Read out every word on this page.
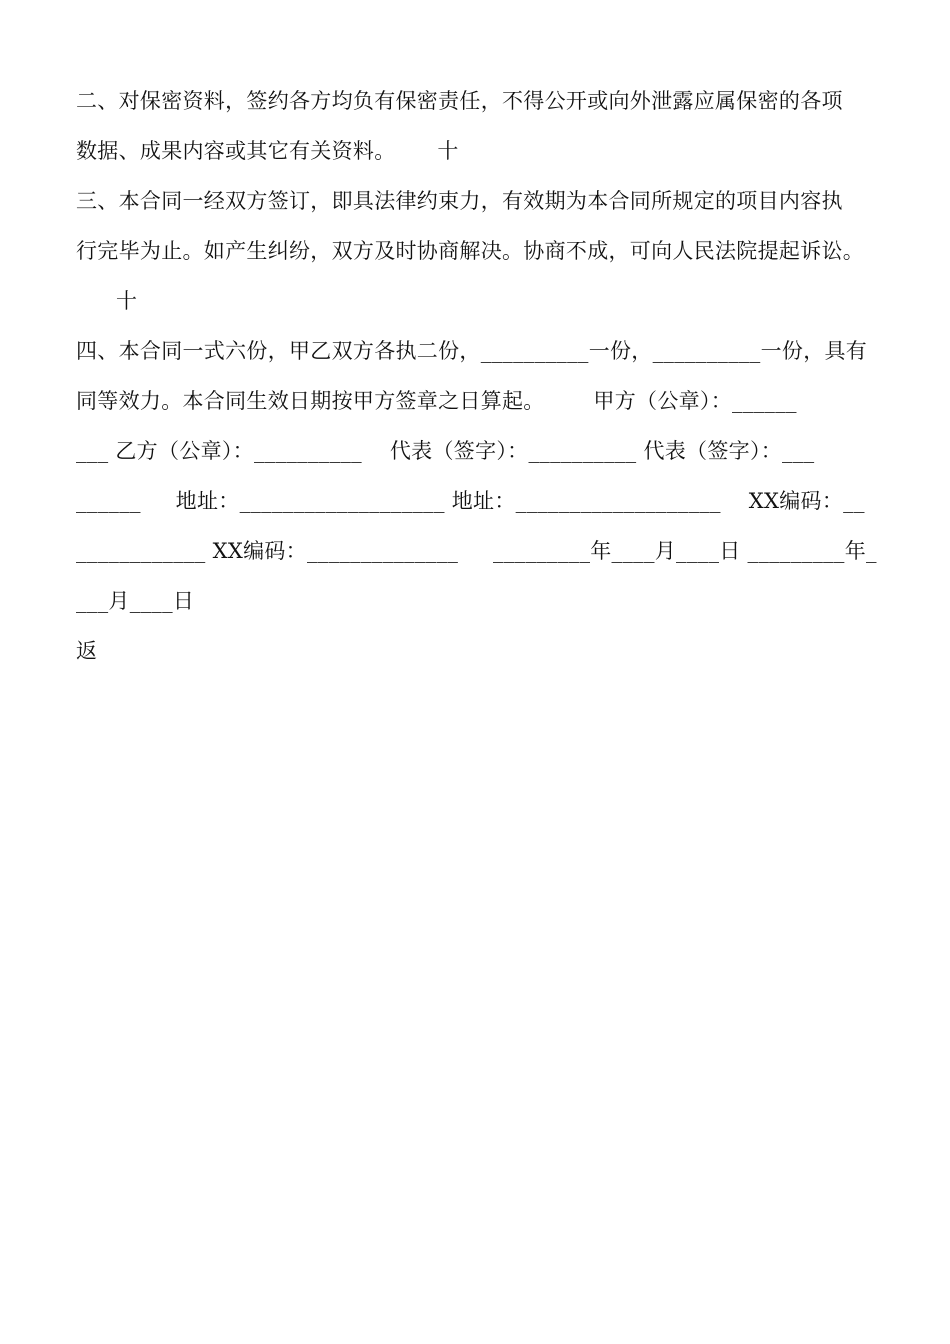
二、对保密资料，签约各方均负有保密责任，不得公开或向外泄露应属保密的各项
数据、成果内容或其它有关资料。      十
三、本合同一经双方签订，即具法律约束力，有效期为本合同所规定的项目内容执
行完毕为止。如产生纠纷，双方及时协商解决。协商不成，可向人民法院提起诉讼。
十
四、本合同一式六份，甲乙双方各执二份，__________一份，__________一份，具有
同等效力。本合同生效日期按甲方签章之日算起。       甲方（公章）：______
___ 乙方（公章）：__________    代表（签字）：__________ 代表（签字）：___
______     地址：___________________ 地址：___________________    XX编码：__
____________ XX编码：______________     _________年____月____日 _________年_
___月____日
返
